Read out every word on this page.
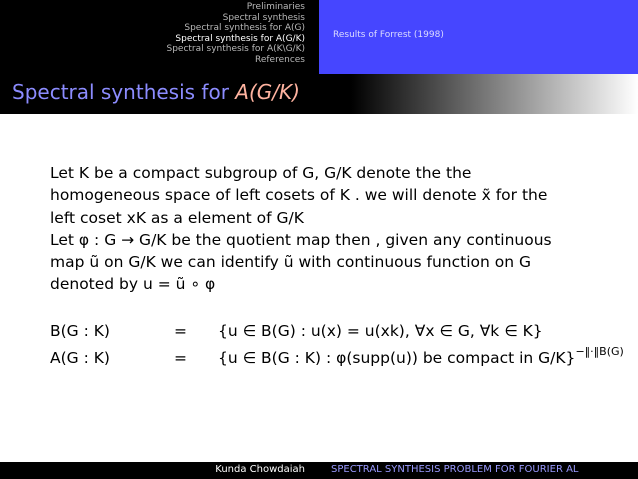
Preliminaries
Spectral synthesis
Spectral synthesis for A(G)
Spectral synthesis for A(G/K)
Spectral synthesis for A(K\G/K)
References
Results of Forrest (1998)
Spectral synthesis for A(G/K)
Let K be a compact subgroup of G, G/K denote the the
homogeneous space of left cosets of K . we will denote x̃ for the
left coset xK as a element of G/K
Let φ : G → G/K be the quotient map then , given any continuous
map ũ on G/K we can identify ũ with continuous function on G
denoted by u = ũ ∘ φ
B(G : K)	= {u ∈ B(G) : u(x) = u(xk), ∀x ∈ G, ∀k ∈ K}
A(G : K)	= {u ∈ B(G : K) : φ(supp(u)) be compact in G/K}$^{-‖\cdot‖B(G)}$
Kunda Chowdaiah	SPECTRAL SYNTHESIS PROBLEM FOR FOURIER AL
